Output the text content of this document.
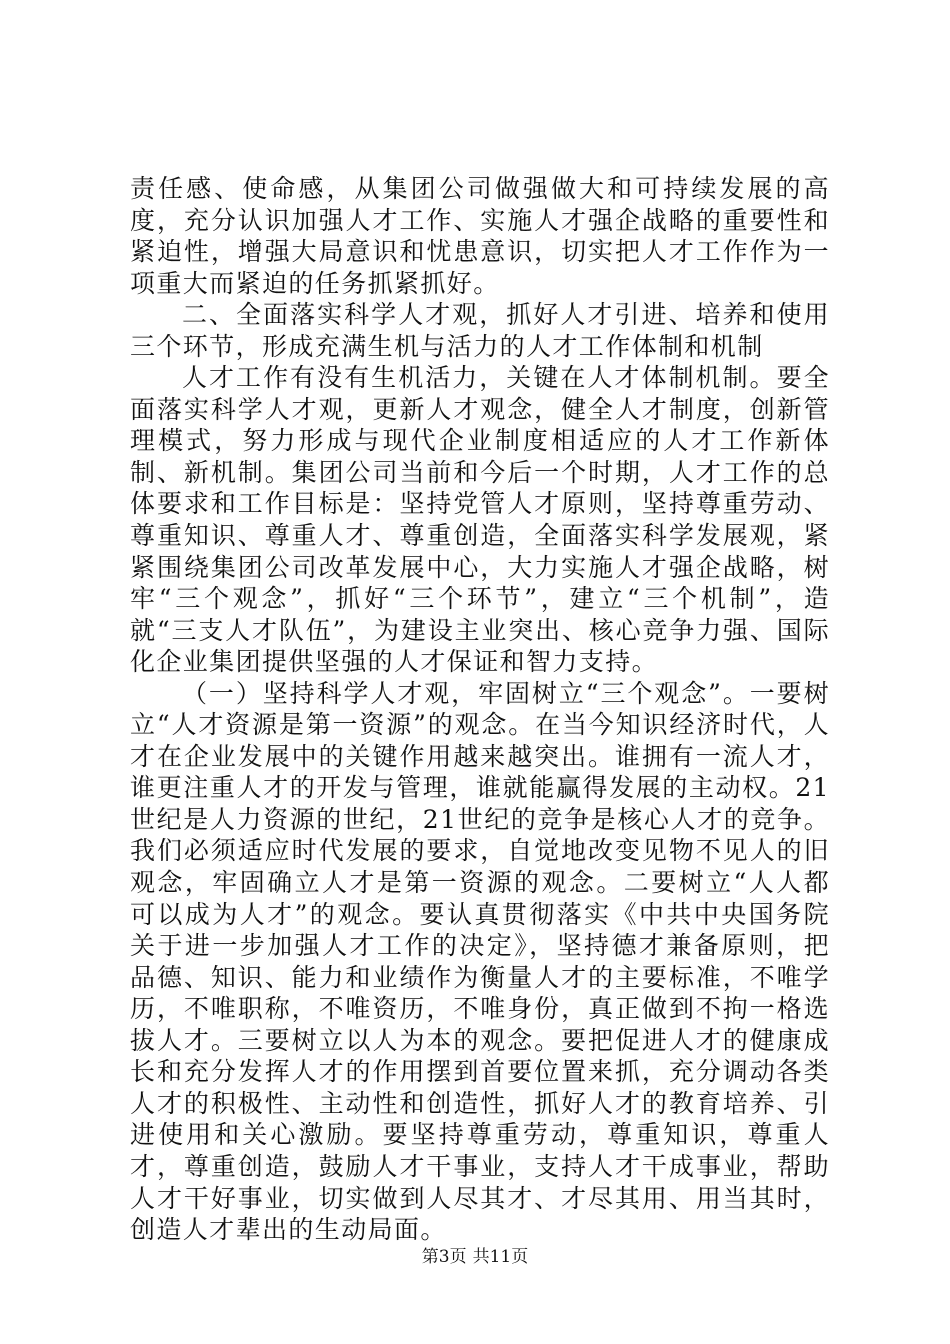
责任感、使命感，从集团公司做强做大和可持续发展的高度，充分认识加强人才工作、实施人才强企战略的重要性和紧迫性，增强大局意识和忧患意识，切实把人才工作作为一项重大而紧迫的任务抓紧抓好。

二、全面落实科学人才观，抓好人才引进、培养和使用三个环节，形成充满生机与活力的人才工作体制和机制

人才工作有没有生机活力，关键在人才体制机制。要全面落实科学人才观，更新人才观念，健全人才制度，创新管理模式，努力形成与现代企业制度相适应的人才工作新体制、新机制。集团公司当前和今后一个时期，人才工作的总体要求和工作目标是：坚持党管人才原则，坚持尊重劳动、尊重知识、尊重人才、尊重创造，全面落实科学发展观，紧紧围绕集团公司改革发展中心，大力实施人才强企战略，树牢“三个观念”，抓好“三个环节”，建立“三个机制”，造就“三支人才队伍”，为建设主业突出、核心竞争力强、国际化企业集团提供坚强的人才保证和智力支持。

（一）坚持科学人才观，牢固树立“三个观念”。一要树立“人才资源是第一资源”的观念。在当今知识经济时代，人才在企业发展中的关键作用越来越突出。谁拥有一流人才，谁更注重人才的开发与管理，谁就能赢得发展的主动权。21世纪是人力资源的世纪，21世纪的竞争是核心人才的竞争。我们必须适应时代发展的要求，自觉地改变见物不见人的旧观念，牢固确立人才是第一资源的观念。二要树立“人人都可以成为人才”的观念。要认真贯彻落实《中共中央国务院关于进一步加强人才工作的决定》，坚持德才兼备原则，把品德、知识、能力和业绩作为衡量人才的主要标准，不唯学历，不唯职称，不唯资历，不唯身份，真正做到不拘一格选拔人才。三要树立以人为本的观念。要把促进人才的健康成长和充分发挥人才的作用摆到首要位置来抓，充分调动各类人才的积极性、主动性和创造性，抓好人才的教育培养、引进使用和关心激励。要坚持尊重劳动，尊重知识，尊重人才，尊重创造，鼓励人才干事业，支持人才干成事业，帮助人才干好事业，切实做到人尽其才、才尽其用、用当其时，创造人才辈出的生动局面。

第3页 共11页
